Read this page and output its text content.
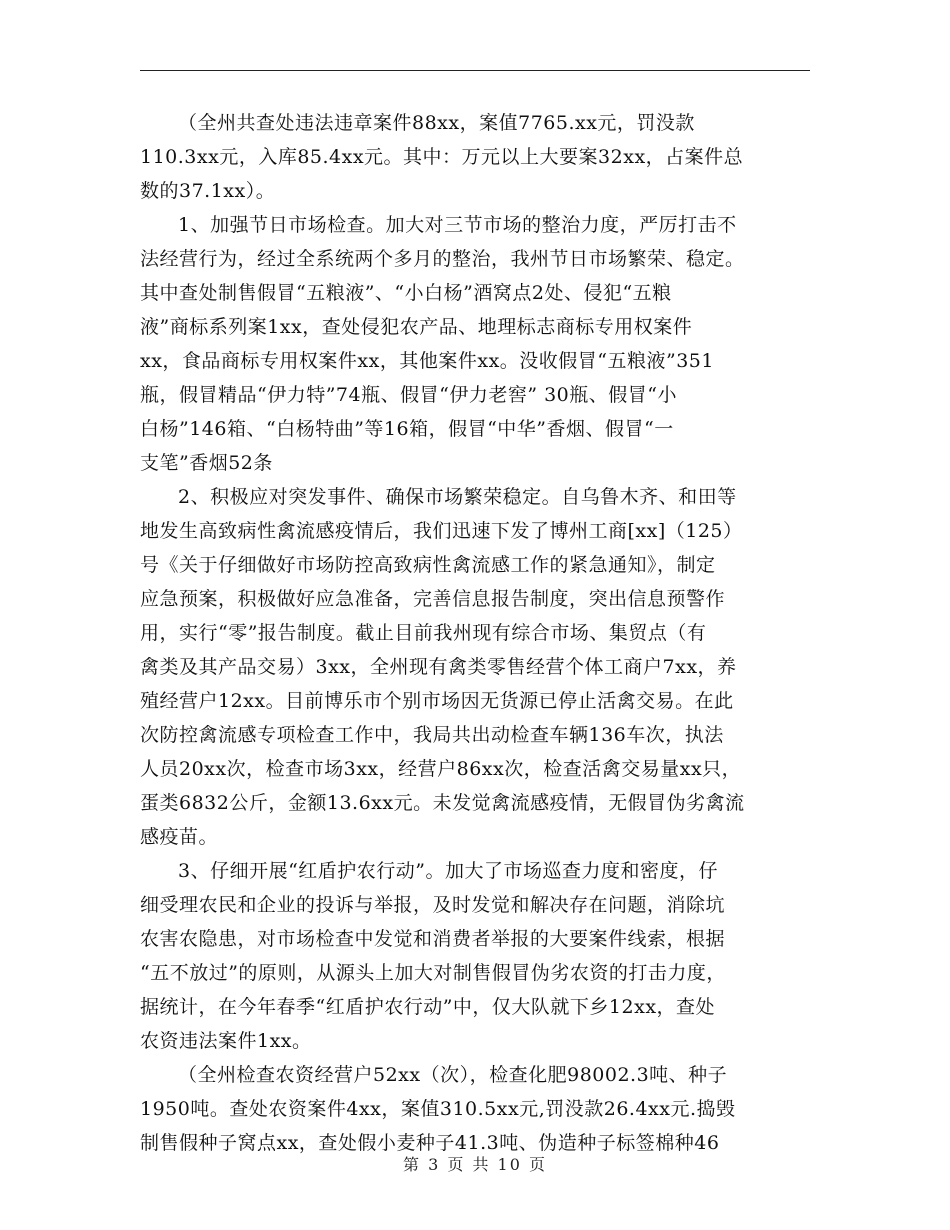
（全州共查处违法违章案件88xx，案值7765.xx元，罚没款
110.3xx元，入库85.4xx元。其中：万元以上大要案32xx，占案件总
数的37.1xx）。
1、加强节日市场检查。加大对三节市场的整治力度，严厉打击不
法经营行为，经过全系统两个多月的整治，我州节日市场繁荣、稳定。
其中查处制售假冒“五粮液”、“小白杨”酒窝点2处、侵犯“五粮
液”商标系列案1xx，查处侵犯农产品、地理标志商标专用权案件
xx，食品商标专用权案件xx，其他案件xx。没收假冒“五粮液”351
瓶，假冒精品“伊力特”74瓶、假冒“伊力老窖” 30瓶、假冒“小
白杨”146箱、“白杨特曲”等16箱，假冒“中华”香烟、假冒“一
支笔”香烟52条
2、积极应对突发事件、确保市场繁荣稳定。自乌鲁木齐、和田等
地发生高致病性禽流感疫情后，我们迅速下发了博州工商[xx]（125）
号《关于仔细做好市场防控高致病性禽流感工作的紧急通知》，制定
应急预案，积极做好应急准备，完善信息报告制度，突出信息预警作
用，实行“零”报告制度。截止目前我州现有综合市场、集贸点（有
禽类及其产品交易）3xx，全州现有禽类零售经营个体工商户7xx，养
殖经营户12xx。目前博乐市个别市场因无货源已停止活禽交易。在此
次防控禽流感专项检查工作中，我局共出动检查车辆136车次，执法
人员20xx次，检查市场3xx，经营户86xx次，检查活禽交易量xx只，
蛋类6832公斤，金额13.6xx元。未发觉禽流感疫情，无假冒伪劣禽流
感疫苗。
3、仔细开展“红盾护农行动”。加大了市场巡查力度和密度，仔
细受理农民和企业的投诉与举报，及时发觉和解决存在问题，消除坑
农害农隐患，对市场检查中发觉和消费者举报的大要案件线索，根据
“五不放过”的原则，从源头上加大对制售假冒伪劣农资的打击力度，
据统计，在今年春季“红盾护农行动”中，仅大队就下乡12xx，查处
农资违法案件1xx。
（全州检查农资经营户52xx（次），检查化肥98002.3吨、种子
1950吨。查处农资案件4xx，案值310.5xx元,罚没款26.4xx元.捣毁
制售假种子窝点xx，查处假小麦种子41.3吨、伪造种子标签棉种46
第 3 页 共 10 页
